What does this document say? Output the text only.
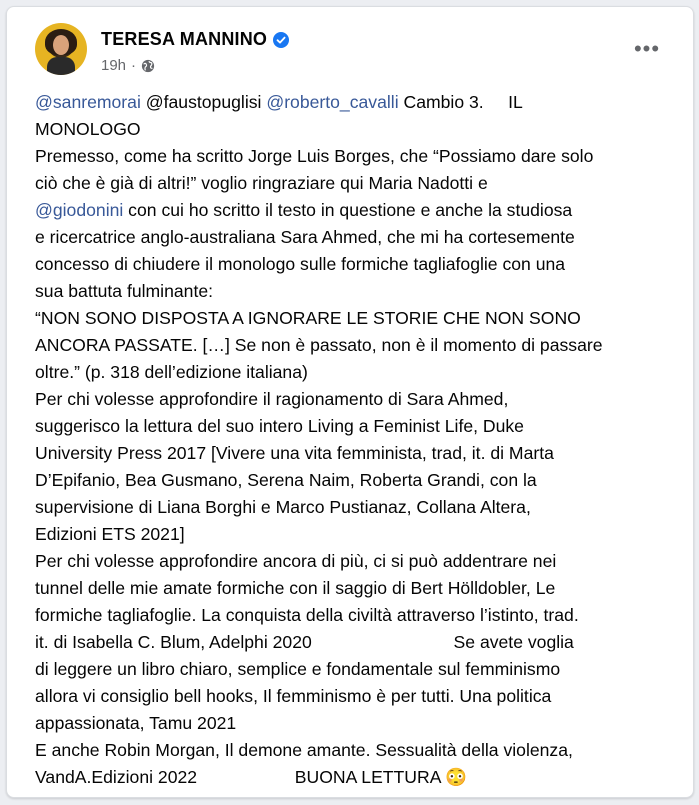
TERESA MANNINO
19h ·
•••
@sanremorai @faustopuglisi @roberto_cavalli Cambio 3.     IL
MONOLOGO
Premesso, come ha scritto Jorge Luis Borges, che “Possiamo dare solo
ciò che è già di altri!” voglio ringraziare qui Maria Nadotti e
@giodonini con cui ho scritto il testo in questione e anche la studiosa
e ricercatrice anglo-australiana Sara Ahmed, che mi ha cortesemente
concesso di chiudere il monologo sulle formiche tagliafoglie con una
sua battuta fulminante:
“NON SONO DISPOSTA A IGNORARE LE STORIE CHE NON SONO
ANCORA PASSATE. […] Se non è passato, non è il momento di passare
oltre.” (p. 318 dell’edizione italiana)
Per chi volesse approfondire il ragionamento di Sara Ahmed,
suggerisco la lettura del suo intero Living a Feminist Life, Duke
University Press 2017 [Vivere una vita femminista, trad, it. di Marta
D’Epifanio, Bea Gusmano, Serena Naim, Roberta Grandi, con la
supervisione di Liana Borghi e Marco Pustianaz, Collana Altera,
Edizioni ETS 2021]
Per chi volesse approfondire ancora di più, ci si può addentrare nei
tunnel delle mie amate formiche con il saggio di Bert Hölldobler, Le
formiche tagliafoglie. La conquista della civiltà attraverso l’istinto, trad.
it. di Isabella C. Blum, Adelphi 2020                             Se avete voglia
di leggere un libro chiaro, semplice e fondamentale sul femminismo
allora vi consiglio bell hooks, Il femminismo è per tutti. Una politica
appassionata, Tamu 2021
E anche Robin Morgan, Il demone amante. Sessualità della violenza,
VandA.Edizioni 2022                    BUONA LETTURA 😳
